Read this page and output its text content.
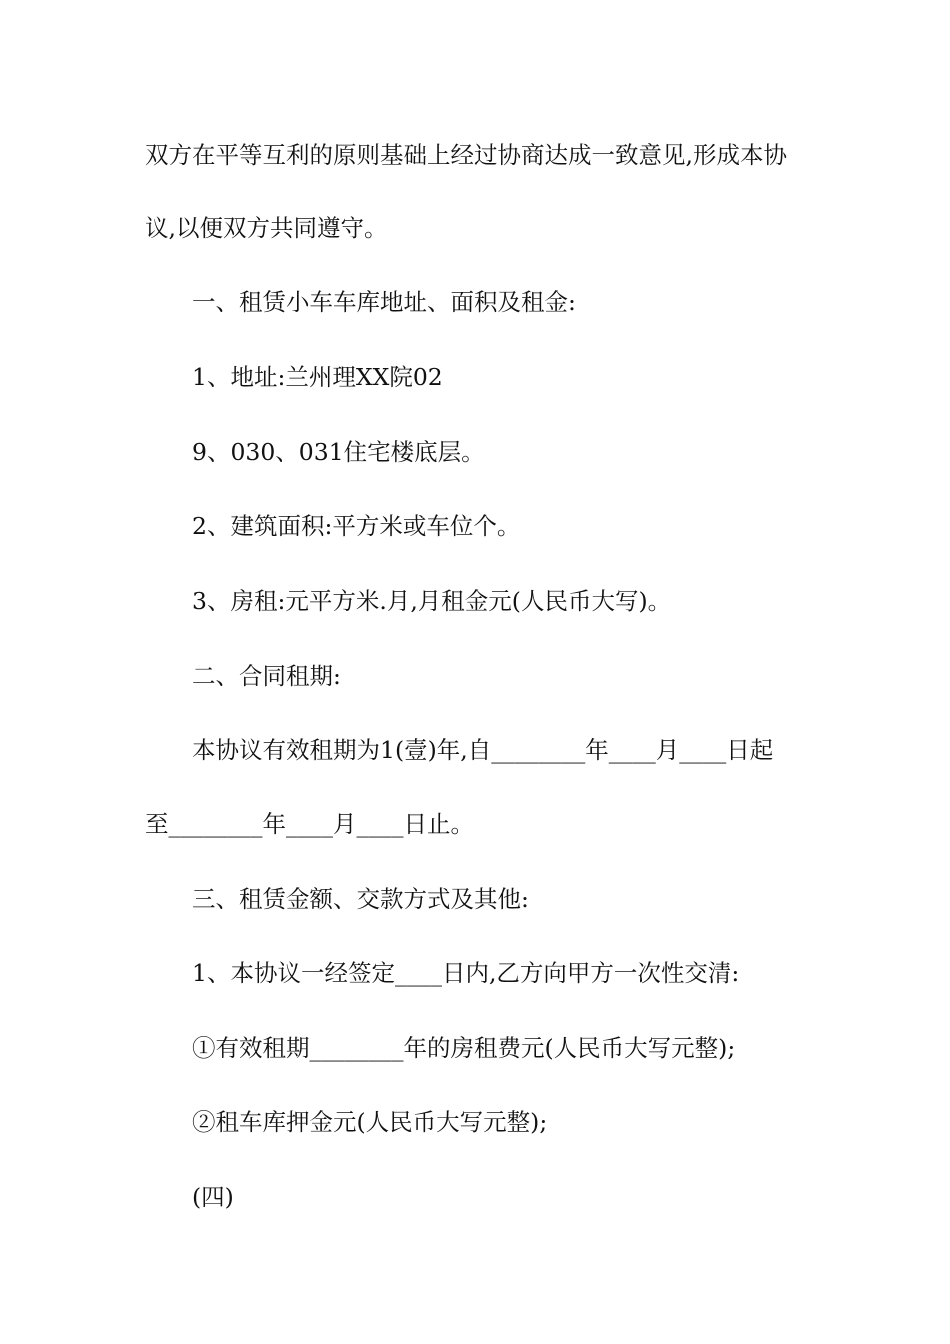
双方在平等互利的原则基础上经过协商达成一致意见,形成本协
议,以便双方共同遵守。
一、租赁小车车库地址、面积及租金:
1、地址:兰州理XX院02
9、030、031住宅楼底层。
2、建筑面积:平方米或车位个。
3、房租:元平方米.月,月租金元(人民币大写)。
二、合同租期:
本协议有效租期为1(壹)年,自________年____月____日起
至________年____月____日止。
三、租赁金额、交款方式及其他:
1、本协议一经签定____日内,乙方向甲方一次性交清:
①有效租期________年的房租费元(人民币大写元整);
②租车库押金元(人民币大写元整);
(四)
